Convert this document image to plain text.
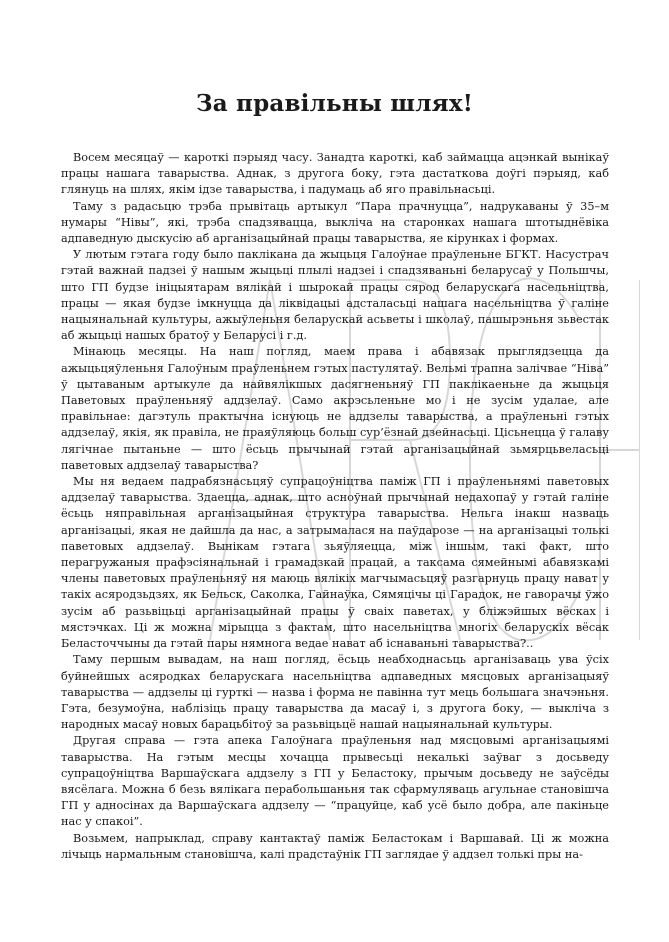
За правільны шлях!

Восем месяцаў — кароткі пэрыяд часу. Занадта кароткі, каб займацца ацэнкай вынікаў працы нашага таварыства. Аднак, з другога боку, гэта дастаткова доўгі пэрыяд, каб глянуць на шлях, якім ідзе таварыства, і падумаць аб яго правільнасьці.

Таму з радасьцю трэба прывітаць артыкул “Пара прачнуцца”, надрукаваны ў 35–м нумары “Нівы”, які, трэба спадзявацца, выкліча на старонках нашага штотыднёвіка адпаведную дыскусію аб арганізацыйнай працы таварыства, яе кірунках і формах.

У лютым гэтага году было паклікана да жыцьця Галоўнае праўленьне БГКТ. Насустрач гэтай важнай падзеі ў нашым жыцьці плылі надзеі і спадзяваньні беларусаў у Польшчы, што ГП будзе ініцыятарам вялікай і шырокай працы сярод беларускага насельніцтва, працы — якая будзе імкнуцца да ліквідацыі адсталасьці нашага насельніцтва ў галіне нацыянальнай культуры, ажыўленьня беларускай асьветы і школаў, пашырэньня зьвестак аб жыцьці нашых братоў у Беларусі і г.д.

Мінаюць месяцы. На наш погляд, маем права і абавязак прыглядзецца да ажыцьцяўленьня Галоўным праўленьнем гэтых пастулятаў. Вельмі трапна залічвае “Ніва” ў цытаваным артыкуле да найвялікшых дасягненьняў ГП паклікаеньне да жыцьця Паветовых праўленьняў аддзелаў. Само акрэсьленьне мо і не зусім удалае, але правільнае: дагэтуль практычна існуюць не аддзелы таварыства, а праўленьні гэтых аддзелаў, якія, як правіла, не праяўляюць больш сур’ёзнай дзейнасьці. Цісьнецца ў галаву лягічнае пытаньне — што ёсьць прычынай гэтай арганізацыйнай зьмярцьвеласьці паветовых аддзелаў таварыства?

Мы ня ведаем падрабязнасьцяў супрацоўніцтва паміж ГП і праўленьнямі паветовых аддзелаў таварыства. Здаецца, аднак, што асноўнай прычынай недахопаў у гэтай галіне ёсьць няправільная арганізацыйная структура таварыства. Нельга інакш назваць арганізацыі, якая не дайшла да нас, а затрымалася на паўдарозе — на арганізацыі толькі паветовых аддзелаў. Вынікам гэтага зьяўляецца, між іншым, такі факт, што перагружаныя прафэсіянальнай і грамадзкай працай, а таксама сямейнымі абавязкамі члены паветовых праўленьняў ня маюць вялікіх магчымасьцяў разгарнуць працу нават у такіх асяродзьдзях, як Бельск, Саколка, Гайнаўка, Сямяцічы ці Гарадок, не гаворачы ўжо зусім аб разьвіцьці арганізацыйнай працы ў сваіх паветах, у бліжэйшых вёсках і мястэчках. Ці ж можна мірыцца з фактам, што насельніцтва многіх беларускіх вёсак Беласточчыны да гэтай пары нямнога ведае нават аб існаваньні таварыства?..

Таму першым вывадам, на наш погляд, ёсьць неабходнасьць арганізаваць ува ўсіх буйнейшых асяродках беларускага насельніцтва адпаведных мясцовых арганізацыяў таварыства — аддзелы ці гурткі — назва і форма не павінна тут мець большага значэньня. Гэта, безумоўна, наблізіць працу таварыства да масаў і, з другога боку, — выкліча з народных масаў новых барацьбітоў за разьвіцьцё нашай нацыянальнай культуры.

Другая справа — гэта апека Галоўнага праўленьня над мясцовымі арганізацыямі таварыства. На гэтым месцы хочацца прывесьці некалькі заўваг з досьведу супрацоўніцтва Варшаўскага аддзелу з ГП у Беластоку, прычым досьведу не заўсёды вясёлага. Можна б безь вялікага перабольшаньня так сфармуляваць агульнае становішча ГП у адносінах да Варшаўскага аддзелу — “працуйце, каб усё было добра, але пакіньце нас у спакоі”.

Возьмем, напрыклад, справу кантактаў паміж Беластокам і Варшавай. Ці ж можна лічыць нармальным становішча, калі прадстаўнік ГП заглядае ў аддзел толькі пры на-
